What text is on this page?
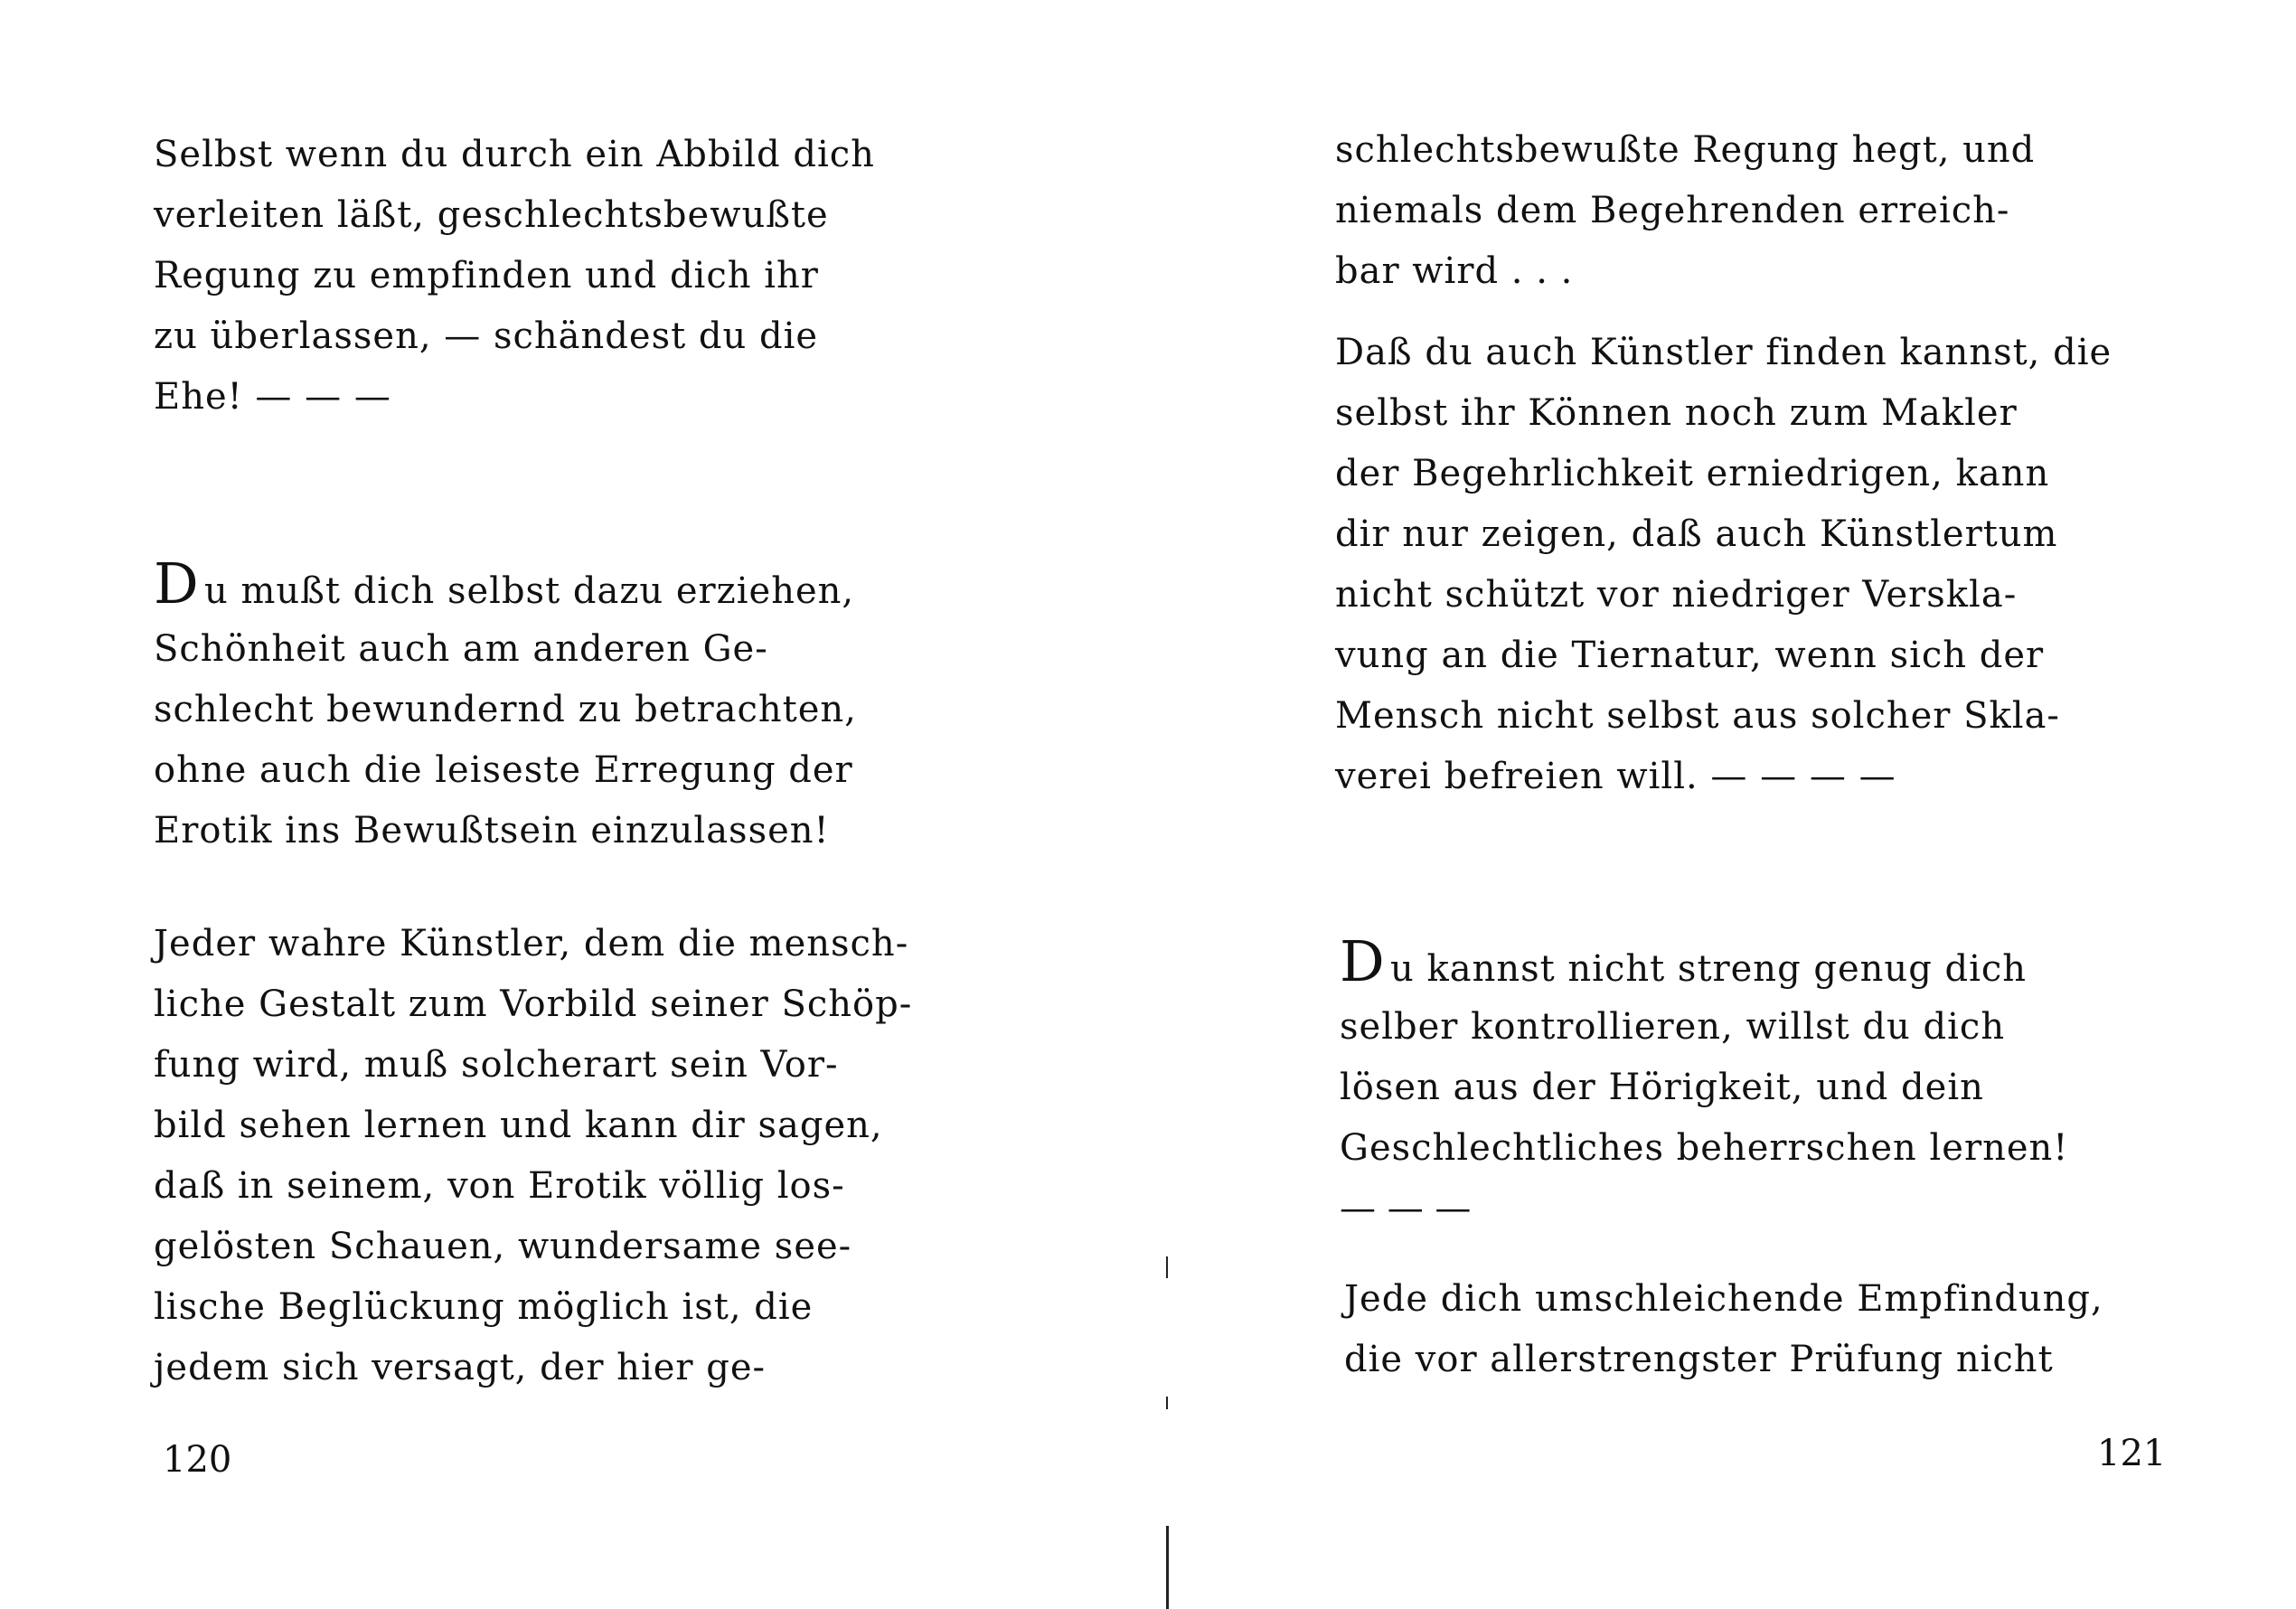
Selbst wenn du durch ein Abbild dich
verleiten läßt, geschlechtsbewußte
Regung zu empfinden und dich ihr
zu überlassen, — schändest du die
Ehe! — — —

Du mußt dich selbst dazu erziehen,
Schönheit auch am anderen Ge-
schlecht bewundernd zu betrachten,
ohne auch die leiseste Erregung der
Erotik ins Bewußtsein einzulassen!

Jeder wahre Künstler, dem die mensch-
liche Gestalt zum Vorbild seiner Schöp-
fung wird, muß solcherart sein Vor-
bild sehen lernen und kann dir sagen,
daß in seinem, von Erotik völlig los-
gelösten Schauen, wundersame see-
lische Beglückung möglich ist, die
jedem sich versagt, der hier ge-

120

schlechtsbewußte Regung hegt, und
niemals dem Begehrenden erreich-
bar wird . . .

Daß du auch Künstler finden kannst, die
selbst ihr Können noch zum Makler
der Begehrlichkeit erniedrigen, kann
dir nur zeigen, daß auch Künstlertum
nicht schützt vor niedriger Verskla-
vung an die Tiernatur, wenn sich der
Mensch nicht selbst aus solcher Skla-
verei befreien will. — — — —

Du kannst nicht streng genug dich
selber kontrollieren, willst du dich
lösen aus der Hörigkeit, und dein
Geschlechtliches beherrschen lernen!
— — —

Jede dich umschleichende Empfindung,
die vor allerstrengster Prüfung nicht

121
